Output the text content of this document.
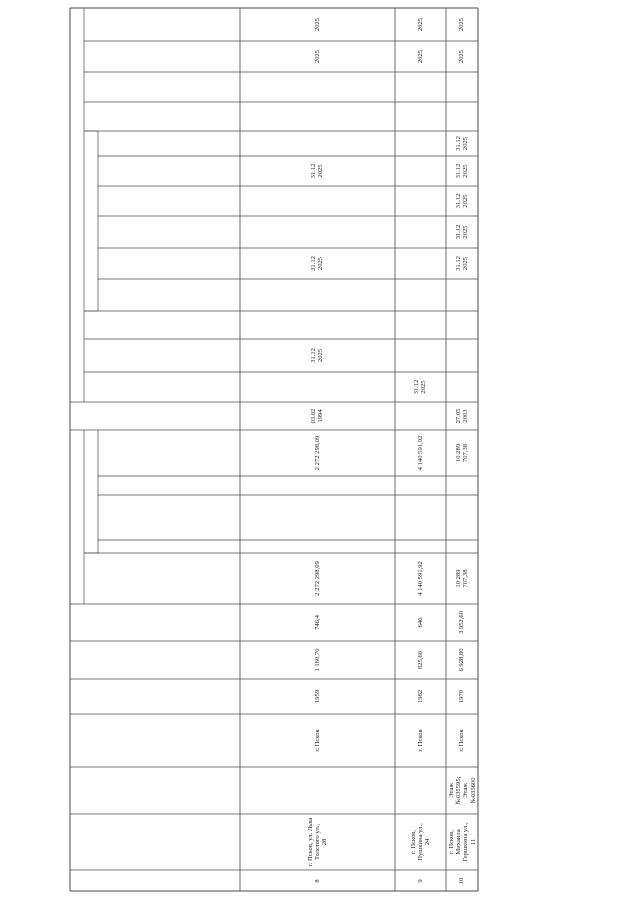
8
г. Псков, ул. Льва Толстого ул., 28
г. Псков
1959
1 160,70
746,4
2 272 298,09
2 272 298,09
03.02 1994
31.12 2025
31.12 2025
31.12 2025
2025
2025
9
г. Псков, Пушкина ул., 24
г. Псков
1982
825,60
646
4 140 591,92
4 140 591,92
31.12 2025
2025
2025
10
г. Псков, Михаила Гершкина ул., 11
Этаж №035595; Этаж №035600
г. Псков
1970
6 928,80
3 952,60
10 289 707,38
10 289 707,38
27.05 2003
31.12 2025
31.12 2025
31.12 2025
31.12 2025
31.12 2025
2025
2025
